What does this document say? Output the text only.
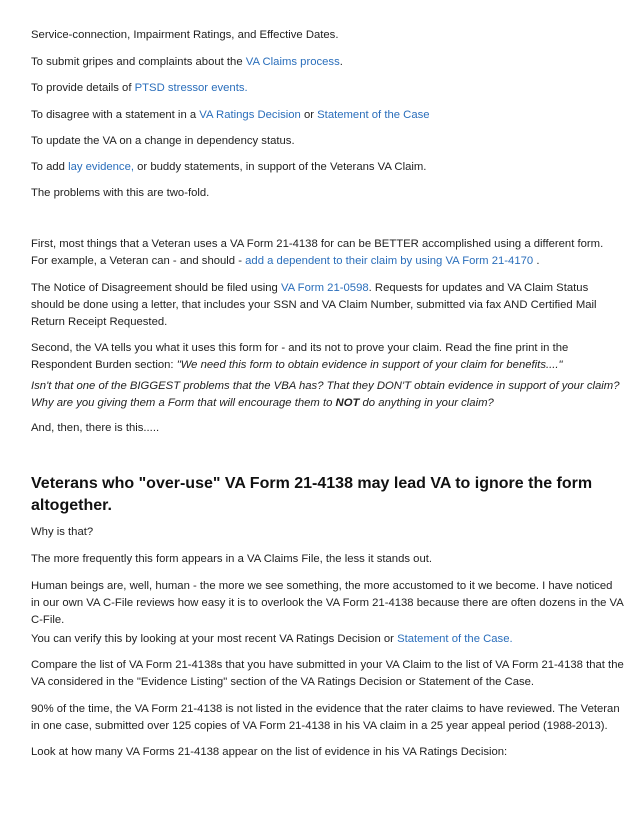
Service-connection, Impairment Ratings, and Effective Dates.

To submit gripes and complaints about the VA Claims process.

To provide details of PTSD stressor events.

To disagree with a statement in a VA Ratings Decision or Statement of the Case

To update the VA on a change in dependency status.

To add lay evidence, or buddy statements, in support of the Veterans VA Claim.

The problems with this are two-fold.

First, most things that a Veteran uses a VA Form 21-4138 for can be BETTER accomplished using a different form.
For example, a Veteran can - and should - add a dependent to their claim by using VA Form 21-4170 .

The Notice of Disagreement should be filed using VA Form 21-0598. Requests for updates and VA Claim Status
should be done using a letter, that includes your SSN and VA Claim Number, submitted via fax AND Certified Mail
Return Receipt Requested.

Second, the VA tells you what it uses this form for - and its not to prove your claim. Read the fine print in the
Respondent Burden section: "We need this form to obtain evidence in support of your claim for benefits...."

Isn't that one of the BIGGEST problems that the VBA has? That they DON'T obtain evidence in support of your claim?
Why are you giving them a Form that will encourage them to NOT do anything in your claim?

And, then, there is this.....

Veterans who "over-use" VA Form 21-4138 may lead VA to ignore the form altogether.

Why is that?

The more frequently this form appears in a VA Claims File, the less it stands out.

Human beings are, well, human - the more we see something, the more accustomed to it we become. I have noticed
in our own VA C-File reviews how easy it is to overlook the VA Form 21-4138 because there are often dozens in the VA
C-File.

You can verify this by looking at your most recent VA Ratings Decision or Statement of the Case.

Compare the list of VA Form 21-4138s that you have submitted in your VA Claim to the list of VA Form 21-4138 that the
VA considered in the "Evidence Listing" section of the VA Ratings Decision or Statement of the Case.

90% of the time, the VA Form 21-4138 is not listed in the evidence that the rater claims to have reviewed. The Veteran
in one case, submitted over 125 copies of VA Form 21-4138 in his VA claim in a 25 year appeal period (1988-2013).

Look at how many VA Forms 21-4138 appear on the list of evidence in his VA Ratings Decision:
